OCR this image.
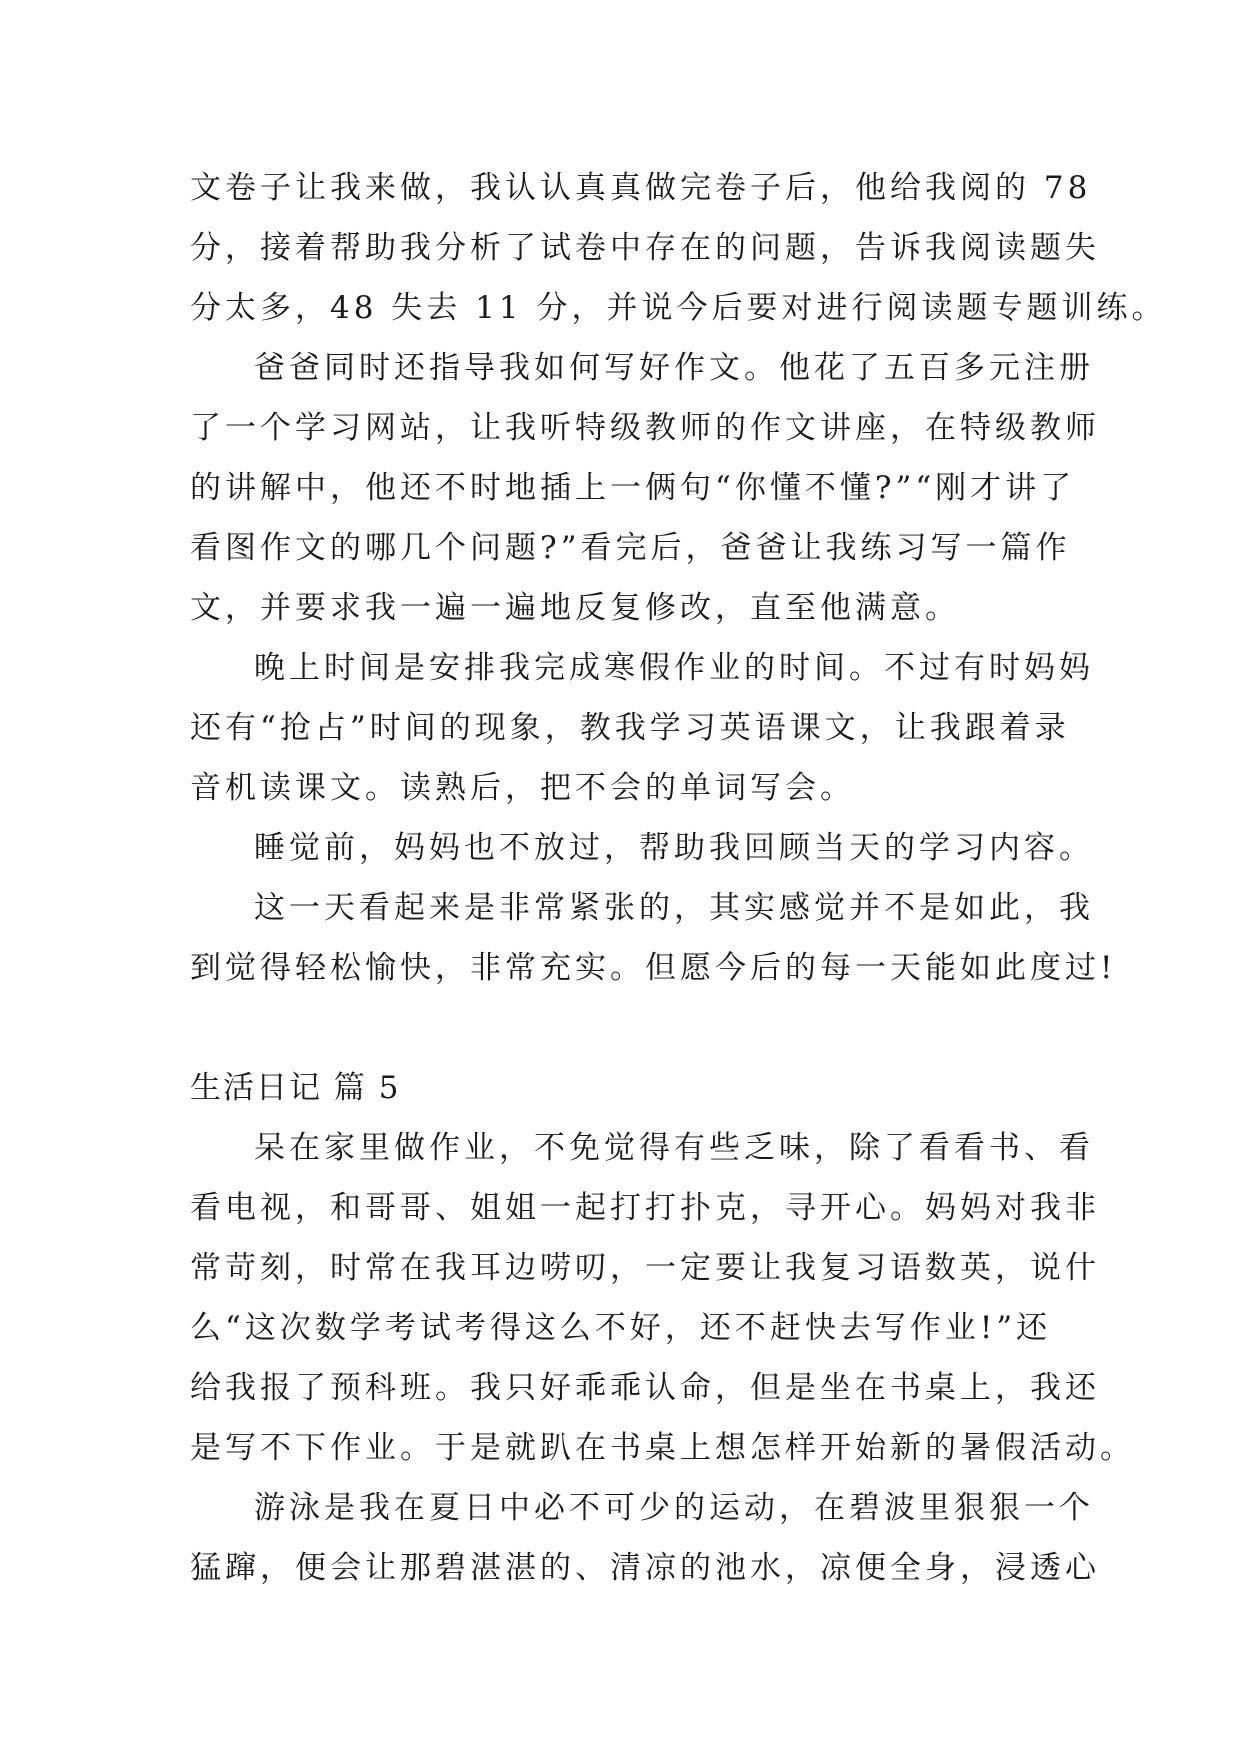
文卷子让我来做，我认认真真做完卷子后，他给我阅的 78
分，接着帮助我分析了试卷中存在的问题，告诉我阅读题失
分太多，48 失去 11 分，并说今后要对进行阅读题专题训练。
爸爸同时还指导我如何写好作文。他花了五百多元注册
了一个学习网站，让我听特级教师的作文讲座，在特级教师
的讲解中，他还不时地插上一俩句“你懂不懂?”“刚才讲了
看图作文的哪几个问题?”看完后，爸爸让我练习写一篇作
文，并要求我一遍一遍地反复修改，直至他满意。
晚上时间是安排我完成寒假作业的时间。不过有时妈妈
还有“抢占”时间的现象，教我学习英语课文，让我跟着录
音机读课文。读熟后，把不会的单词写会。
睡觉前，妈妈也不放过，帮助我回顾当天的学习内容。
这一天看起来是非常紧张的，其实感觉并不是如此，我
到觉得轻松愉快，非常充实。但愿今后的每一天能如此度过!
生活日记 篇 5
呆在家里做作业，不免觉得有些乏味，除了看看书、看
看电视，和哥哥、姐姐一起打打扑克，寻开心。妈妈对我非
常苛刻，时常在我耳边唠叨，一定要让我复习语数英，说什
么“这次数学考试考得这么不好，还不赶快去写作业!”还
给我报了预科班。我只好乖乖认命，但是坐在书桌上，我还
是写不下作业。于是就趴在书桌上想怎样开始新的暑假活动。
游泳是我在夏日中必不可少的运动，在碧波里狠狠一个
猛蹿，便会让那碧湛湛的、清凉的池水，凉便全身，浸透心
